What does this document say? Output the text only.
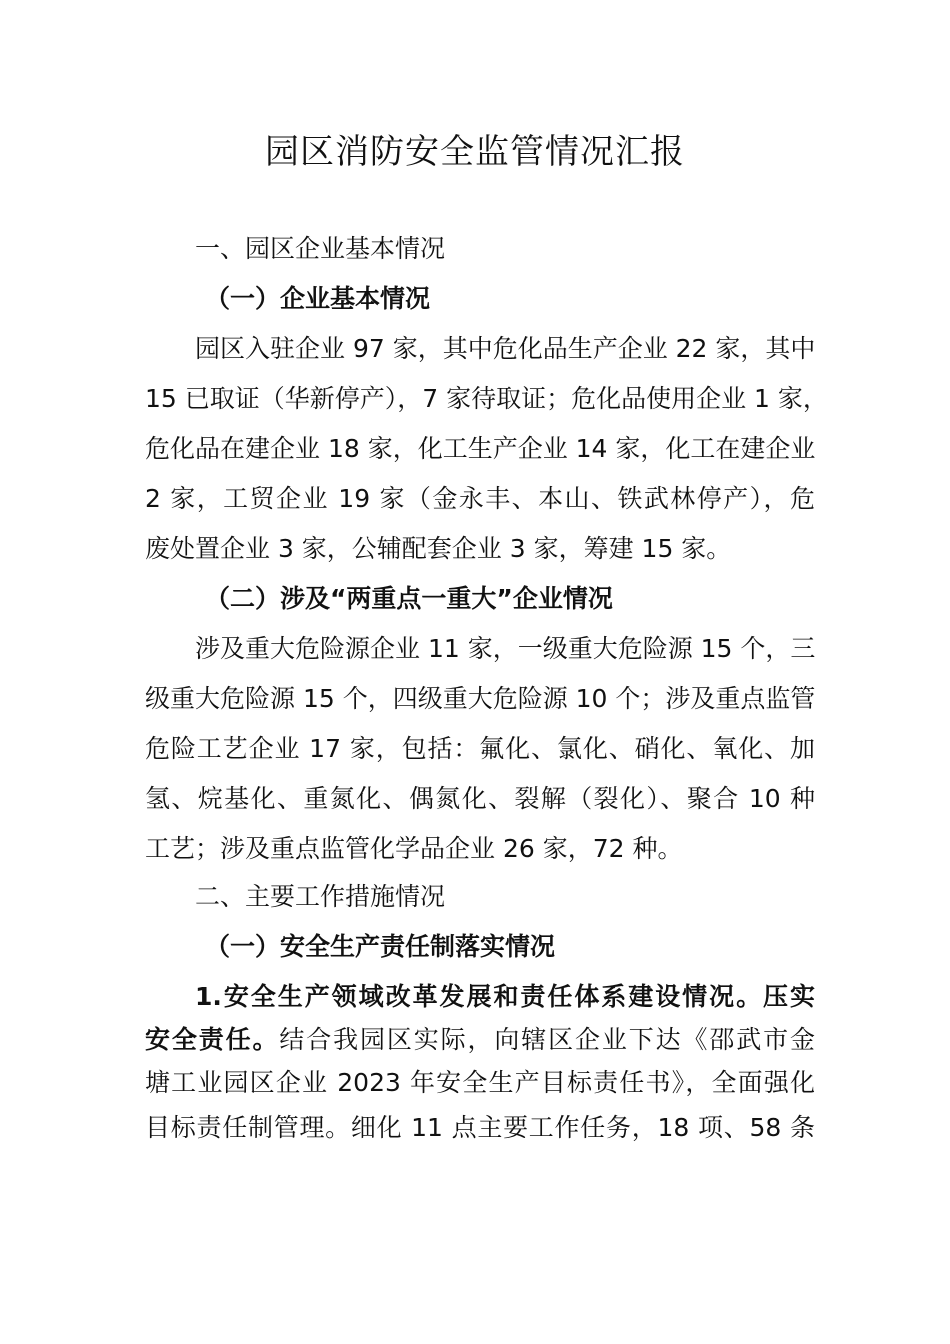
园区消防安全监管情况汇报
一、园区企业基本情况
（一）企业基本情况
园区入驻企业 97 家，其中危化品生产企业 22 家，其中
15 已取证（华新停产），7 家待取证；危化品使用企业 1 家，
危化品在建企业 18 家，化工生产企业 14 家，化工在建企业
2 家，工贸企业 19 家（金永丰、本山、铁武林停产），危
废处置企业 3 家，公辅配套企业 3 家，筹建 15 家。
（二）涉及“两重点一重大”企业情况
涉及重大危险源企业 11 家，一级重大危险源 15 个，三
级重大危险源 15 个，四级重大危险源 10 个；涉及重点监管
危险工艺企业 17 家，包括：氟化、氯化、硝化、氧化、加
氢、烷基化、重氮化、偶氮化、裂解（裂化）、聚合 10 种
工艺；涉及重点监管化学品企业 26 家，72 种。
二、主要工作措施情况
（一）安全生产责任制落实情况
1.安全生产领域改革发展和责任体系建设情况。压实
安全责任。结合我园区实际，向辖区企业下达《邵武市金
塘工业园区企业 2023 年安全生产目标责任书》，全面强化
目标责任制管理。细化 11 点主要工作任务，18 项、58 条
